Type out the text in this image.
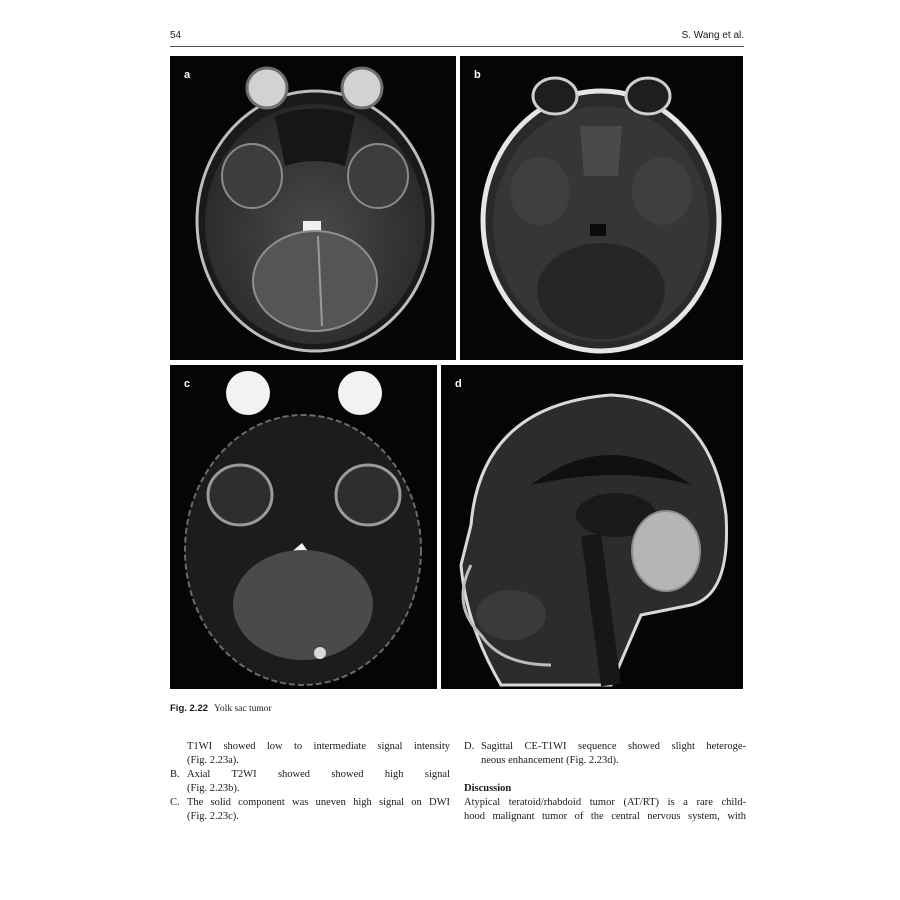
54	S. Wang et al.
a	b
c	d
Fig. 2.22 Yolk sac tumor
T1WI showed low to intermediate signal intensity
(Fig. 2.23a).
B. Axial T2WI showed showed high signal
(Fig. 2.23b).
C. The solid component was uneven high signal on DWI
(Fig. 2.23c).
D. Sagittal CE-T1WI sequence showed slight heteroge-
neous enhancement (Fig. 2.23d).
Discussion
Atypical teratoid/rhabdoid tumor (AT/RT) is a rare child-
hood malignant tumor of the central nervous system, with
